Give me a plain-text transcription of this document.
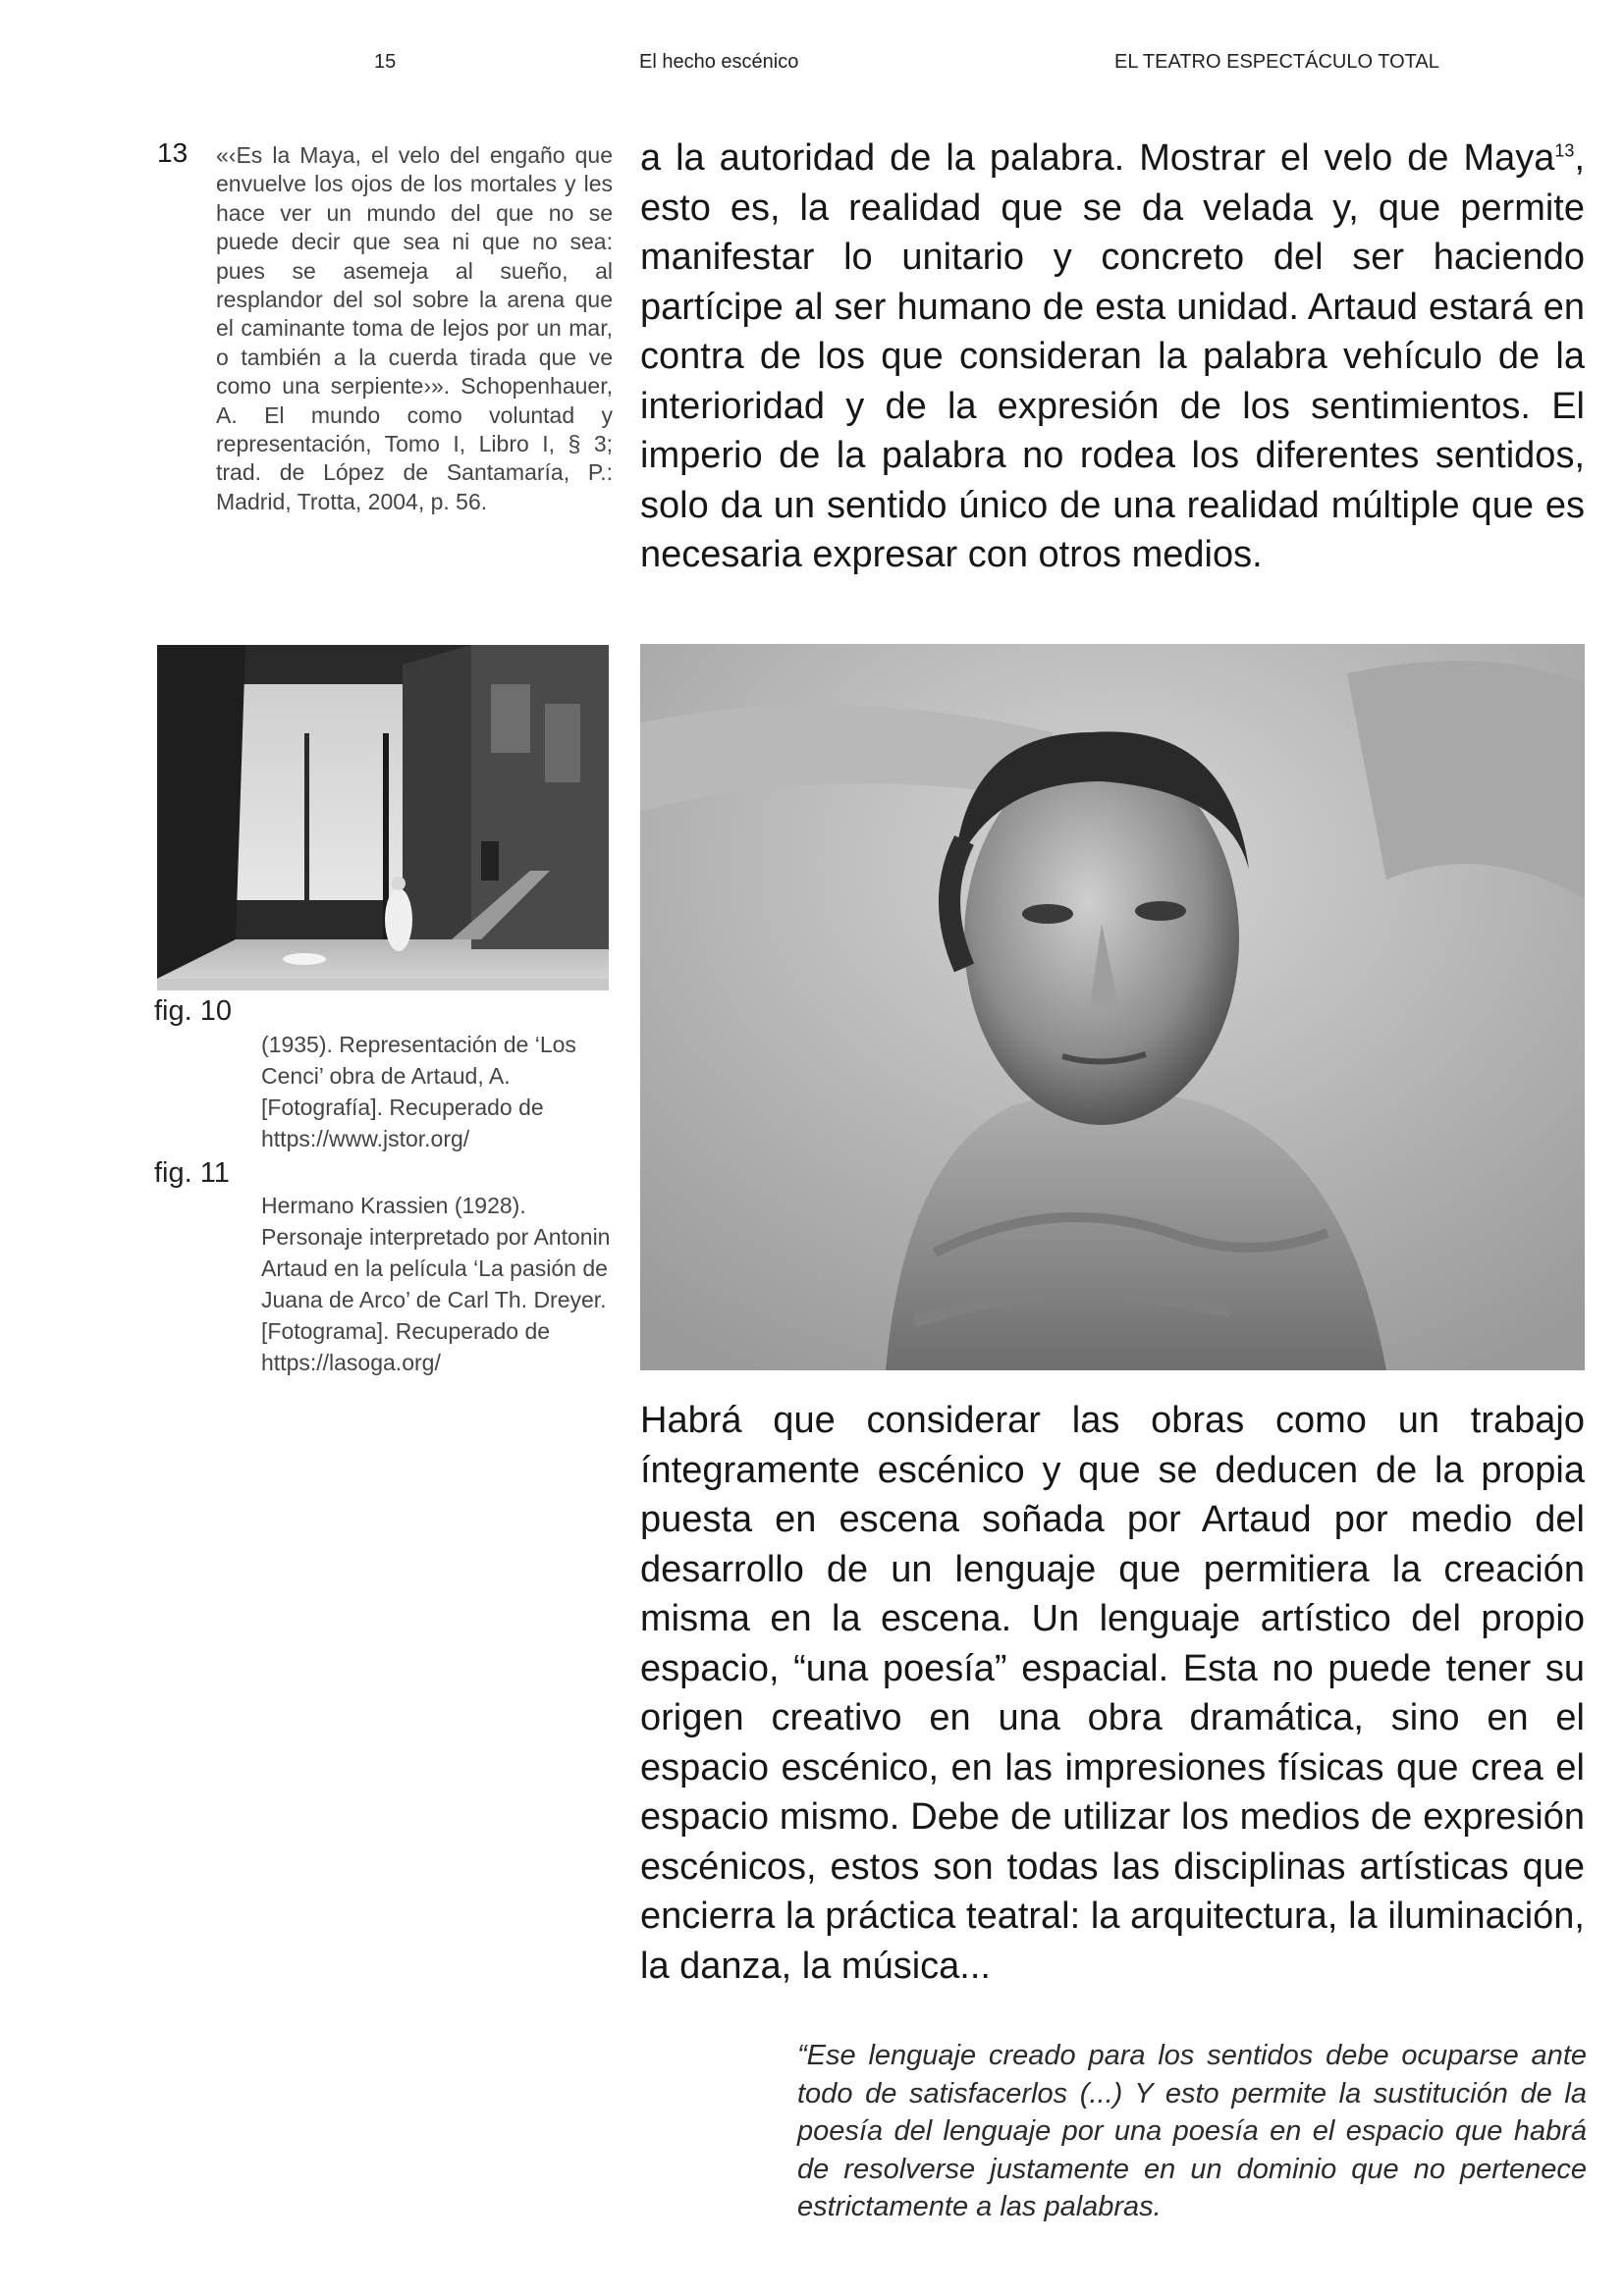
15	El hecho escénico	EL TEATRO ESPECTÁCULO TOTAL
13 «‹Es la Maya, el velo del engaño que envuelve los ojos de los mortales y les hace ver un mundo del que no se puede decir que sea ni que no sea: pues se asemeja al sueño, al resplandor del sol sobre la arena que el caminante toma de lejos por un mar, o también a la cuerda tirada que ve como una serpiente›». Schopenhauer, A. El mundo como voluntad y representación, Tomo I, Libro I, § 3; trad. de López de Santamaría, P.: Madrid, Trotta, 2004, p. 56.
a la autoridad de la palabra. Mostrar el velo de Maya$^{13}$, esto es, la realidad que se da velada y, que permite manifestar lo unitario y concreto del ser haciendo partícipe al ser humano de esta unidad. Artaud estará en contra de los que consideran la palabra vehículo de la interioridad y de la expresión de los sentimientos. El imperio de la palabra no rodea los diferentes sentidos, solo da un sentido único de una realidad múltiple que es necesaria expresar con otros medios.
fig. 10
(1935). Representación de ‘Los Cenci’ obra de Artaud, A. [Fotografía]. Recuperado de https://www.jstor.org/
fig. 11
Hermano Krassien (1928). Personaje interpretado por Antonin Artaud en la película ‘La pasión de Juana de Arco’ de Carl Th. Dreyer. [Fotograma]. Recuperado de https://lasoga.org/
Habrá que considerar las obras como un trabajo íntegramente escénico y que se deducen de la propia puesta en escena soñada por Artaud por medio del desarrollo de un lenguaje que permitiera la creación misma en la escena. Un lenguaje artístico del propio espacio, “una poesía” espacial. Esta no puede tener su origen creativo en una obra dramática, sino en el espacio escénico, en las impresiones físicas que crea el espacio mismo. Debe de utilizar los medios de expresión escénicos, estos son todas las disciplinas artísticas que encierra la práctica teatral: la arquitectura, la iluminación, la danza, la música...
“Ese lenguaje creado para los sentidos debe ocuparse ante todo de satisfacerlos (...) Y esto permite la sustitución de la poesía del lenguaje por una poesía en el espacio que habrá de resolverse justamente en un dominio que no pertenece estrictamente a las palabras.
